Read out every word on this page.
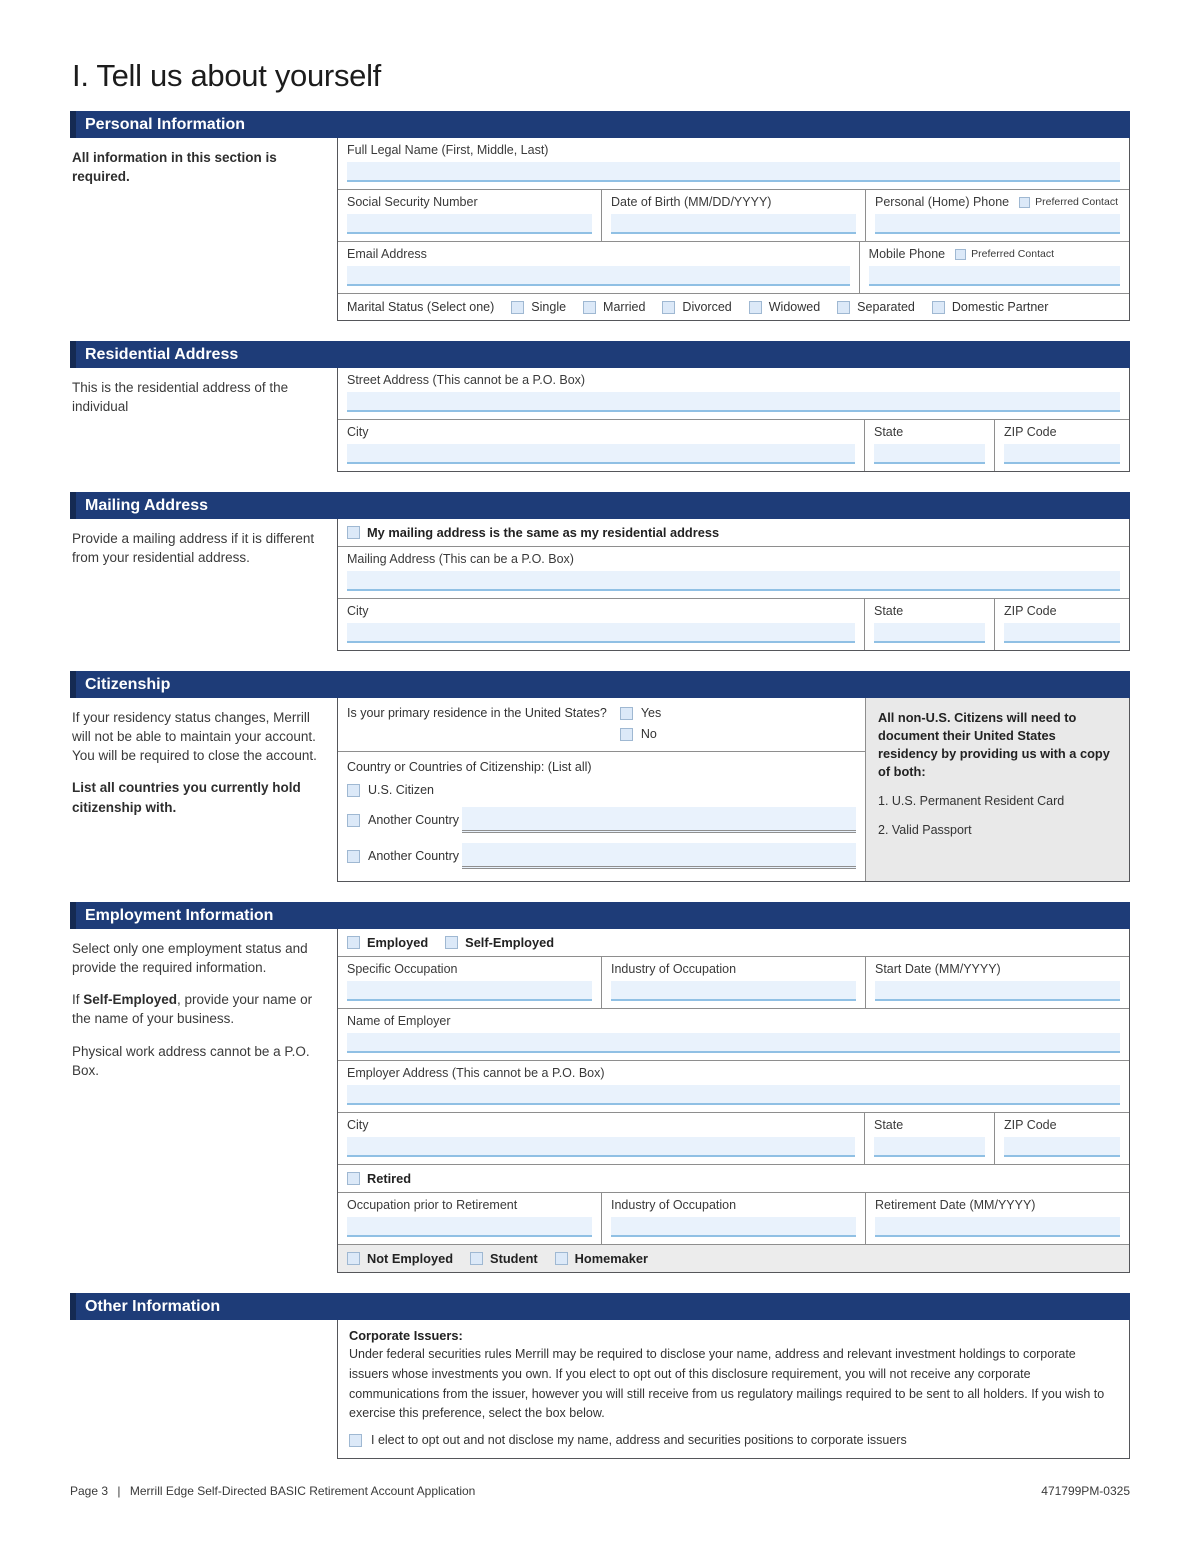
I. Tell us about yourself
Personal Information

All information in this section is required.

Full Legal Name (First, Middle, Last)
Social Security Number	Date of Birth (MM/DD/YYYY)	Personal (Home) Phone Preferred Contact
Email Address	Mobile Phone Preferred Contact
Marital Status (Select one)	Single	Married	Divorced	Widowed	Separated	Domestic Partner
Residential Address

This is the residential address of the individual

Street Address (This cannot be a P.O. Box)
City	State	ZIP Code
Mailing Address

Provide a mailing address if it is different from your residential address.

My mailing address is the same as my residential address
Mailing Address (This can be a P.O. Box)
City	State	ZIP Code
Citizenship

If your residency status changes, Merrill will not be able to maintain your account. You will be required to close the account.

List all countries you currently hold citizenship with.

Is your primary residence in the United States?	Yes
No
Country or Countries of Citizenship: (List all)
U.S. Citizen
Another Country
Another Country
All non-U.S. Citizens will need to document their United States residency by providing us with a copy of both:
1. U.S. Permanent Resident Card
2. Valid Passport
Employment Information

Select only one employment status and provide the required information.

If Self-Employed, provide your name or the name of your business.

Physical work address cannot be a P.O. Box.

Employed	Self-Employed
Specific Occupation	Industry of Occupation	Start Date (MM/YYYY)
Name of Employer
Employer Address (This cannot be a P.O. Box)
City	State	ZIP Code
Retired
Occupation prior to Retirement	Industry of Occupation	Retirement Date (MM/YYYY)
Not Employed	Student	Homemaker
Other Information
Corporate Issuers:
Under federal securities rules Merrill may be required to disclose your name, address and relevant investment holdings to corporate issuers whose investments you own. If you elect to opt out of this disclosure requirement, you will not receive any corporate communications from the issuer, however you will still receive from us regulatory mailings required to be sent to all holders. If you wish to exercise this preference, select the box below.
I elect to opt out and not disclose my name, address and securities positions to corporate issuers
Page 3 | Merrill Edge Self-Directed BASIC Retirement Account Application	471799PM-0325
